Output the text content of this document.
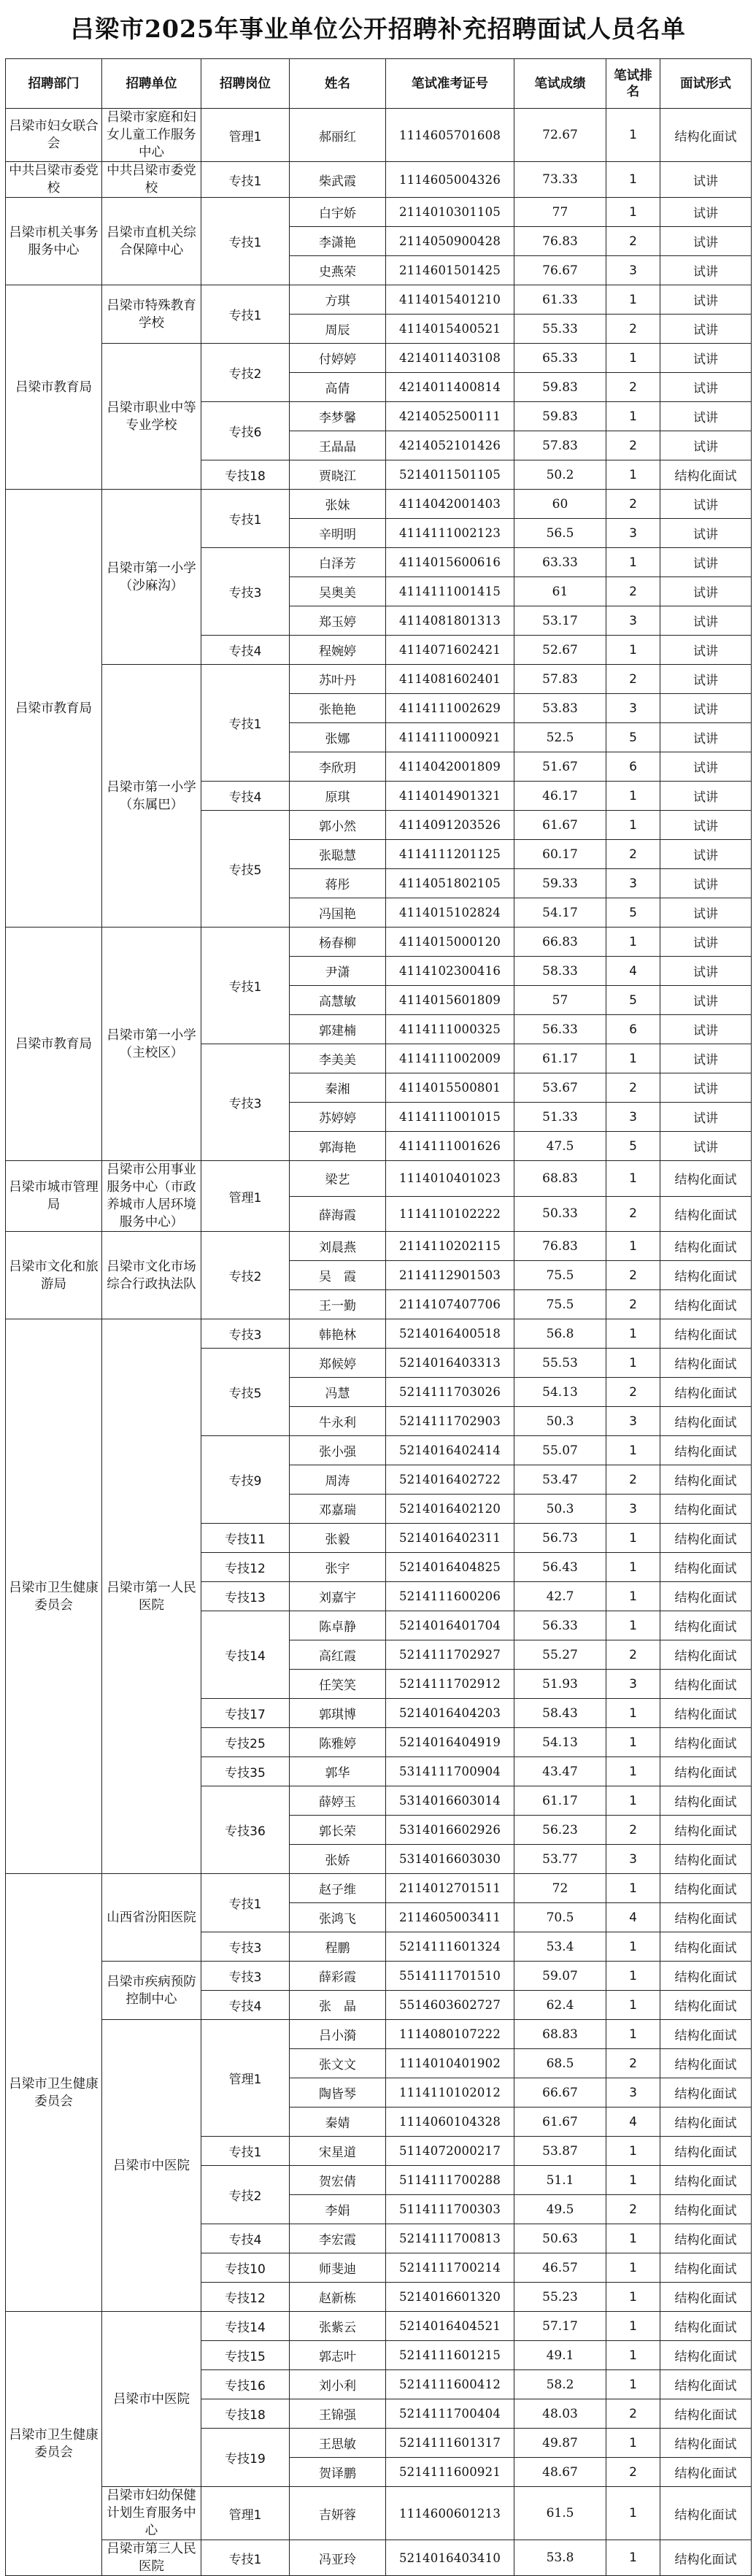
吕梁市2025年事业单位公开招聘补充招聘面试人员名单
招聘部门	招聘单位	招聘岗位	姓名	笔试准考证号	笔试成绩	笔试排名	面试形式
吕梁市妇女联合会	吕梁市家庭和妇女儿童工作服务中心	管理1	郝丽红	1114605701608	72.67	1	结构化面试
中共吕梁市委党校	中共吕梁市委党校	专技1	柴武霞	1114605004326	73.33	1	试讲
吕梁市机关事务服务中心	吕梁市直机关综合保障中心	专技1	白宇娇	2114010301105	77	1	试讲
			李潇艳	2114050900428	76.83	2	试讲
			史燕荣	2114601501425	76.67	3	试讲
吕梁市教育局	吕梁市特殊教育学校	专技1	方琪	4114015401210	61.33	1	试讲
			周辰	4114015400521	55.33	2	试讲
	吕梁市职业中等专业学校	专技2	付婷婷	4214011403108	65.33	1	试讲
			高倩	4214011400814	59.83	2	试讲
		专技6	李梦馨	4214052500111	59.83	1	试讲
			王晶晶	4214052101426	57.83	2	试讲
		专技18	贾晓江	5214011501105	50.2	1	结构化面试
吕梁市教育局	吕梁市第一小学（沙麻沟）	专技1	张妹	4114042001403	60	2	试讲
			辛明明	4114111002123	56.5	3	试讲
		专技3	白泽芳	4114015600616	63.33	1	试讲
			吴奥美	4114111001415	61	2	试讲
			郑玉婷	4114081801313	53.17	3	试讲
		专技4	程婉婷	4114071602421	52.67	1	试讲
	吕梁市第一小学（东属巴）	专技1	苏叶丹	4114081602401	57.83	2	试讲
			张艳艳	4114111002629	53.83	3	试讲
			张娜	4114111000921	52.5	5	试讲
			李欣玥	4114042001809	51.67	6	试讲
		专技4	原琪	4114014901321	46.17	1	试讲
		专技5	郭小然	4114091203526	61.67	1	试讲
			张聪慧	4114111201125	60.17	2	试讲
			蒋彤	4114051802105	59.33	3	试讲
			冯国艳	4114015102824	54.17	5	试讲
吕梁市教育局	吕梁市第一小学（主校区）	专技1	杨春柳	4114015000120	66.83	1	试讲
			尹潇	4114102300416	58.33	4	试讲
			高慧敏	4114015601809	57	5	试讲
			郭建楠	4114111000325	56.33	6	试讲
		专技3	李美美	4114111002009	61.17	1	试讲
			秦湘	4114015500801	53.67	2	试讲
			苏婷婷	4114111001015	51.33	3	试讲
			郭海艳	4114111001626	47.5	5	试讲
吕梁市城市管理局	吕梁市公用事业服务中心（市政养城市人居环境服务中心）	管理1	梁艺	1114010401023	68.83	1	结构化面试
			薛海霞	1114110102222	50.33	2	结构化面试
吕梁市文化和旅游局	吕梁市文化市场综合行政执法队	专技2	刘晨燕	2114110202115	76.83	1	结构化面试
			吴　霞	2114112901503	75.5	2	结构化面试
			王一勤	2114107407706	75.5	2	结构化面试
吕梁市卫生健康委员会	吕梁市第一人民医院	专技3	韩艳林	5214016400518	56.8	1	结构化面试
		专技5	郑候婷	5214016403313	55.53	1	结构化面试
			冯慧	5214111703026	54.13	2	结构化面试
			牛永利	5214111702903	50.3	3	结构化面试
		专技9	张小强	5214016402414	55.07	1	结构化面试
			周涛	5214016402722	53.47	2	结构化面试
			邓嘉瑞	5214016402120	50.3	3	结构化面试
		专技11	张毅	5214016402311	56.73	1	结构化面试
		专技12	张宇	5214016404825	56.43	1	结构化面试
		专技13	刘嘉宇	5214111600206	42.7	1	结构化面试
		专技14	陈卓静	5214016401704	56.33	1	结构化面试
			高红霞	5214111702927	55.27	2	结构化面试
			任笑笑	5214111702912	51.93	3	结构化面试
		专技17	郭琪博	5214016404203	58.43	1	结构化面试
		专技25	陈雅婷	5214016404919	54.13	1	结构化面试
		专技35	郭华	5314111700904	43.47	1	结构化面试
		专技36	薛婷玉	5314016603014	61.17	1	结构化面试
			郭长荣	5314016602926	56.23	2	结构化面试
			张娇	5314016603030	53.77	3	结构化面试
吕梁市卫生健康委员会	山西省汾阳医院	专技1	赵子维	2114012701511	72	1	结构化面试
			张鸿飞	2114605003411	70.5	4	结构化面试
		专技3	程鹏	5214111601324	53.4	1	结构化面试
	吕梁市疾病预防控制中心	专技3	薛彩霞	5514111701510	59.07	1	结构化面试
		专技4	张　晶	5514603602727	62.4	1	结构化面试
	吕梁市中医院	管理1	吕小漪	1114080107222	68.83	1	结构化面试
			张文文	1114010401902	68.5	2	结构化面试
			陶皆琴	1114110102012	66.67	3	结构化面试
			秦婧	1114060104328	61.67	4	结构化面试
		专技1	宋星道	5114072000217	53.87	1	结构化面试
		专技2	贺宏倩	5114111700288	51.1	1	结构化面试
			李娟	5114111700303	49.5	2	结构化面试
		专技4	李宏霞	5214111700813	50.63	1	结构化面试
		专技10	师斐迪	5214111700214	46.57	1	结构化面试
		专技12	赵新栋	5214016601320	55.23	1	结构化面试
吕梁市卫生健康委员会	吕梁市中医院	专技14	张紫云	5214016404521	57.17	1	结构化面试
		专技15	郭志叶	5214111601215	49.1	1	结构化面试
		专技16	刘小利	5214111600412	58.2	1	结构化面试
		专技18	王锦强	5214111700404	48.03	2	结构化面试
		专技19	王思敏	5214111601317	49.87	1	结构化面试
			贺译鹏	5214111600921	48.67	2	结构化面试
	吕梁市妇幼保健计划生育服务中心	管理1	吉妍蓉	1114600601213	61.5	1	结构化面试
	吕梁市第三人民医院	专技1	冯亚玲	5214016403410	53.8	1	结构化面试
